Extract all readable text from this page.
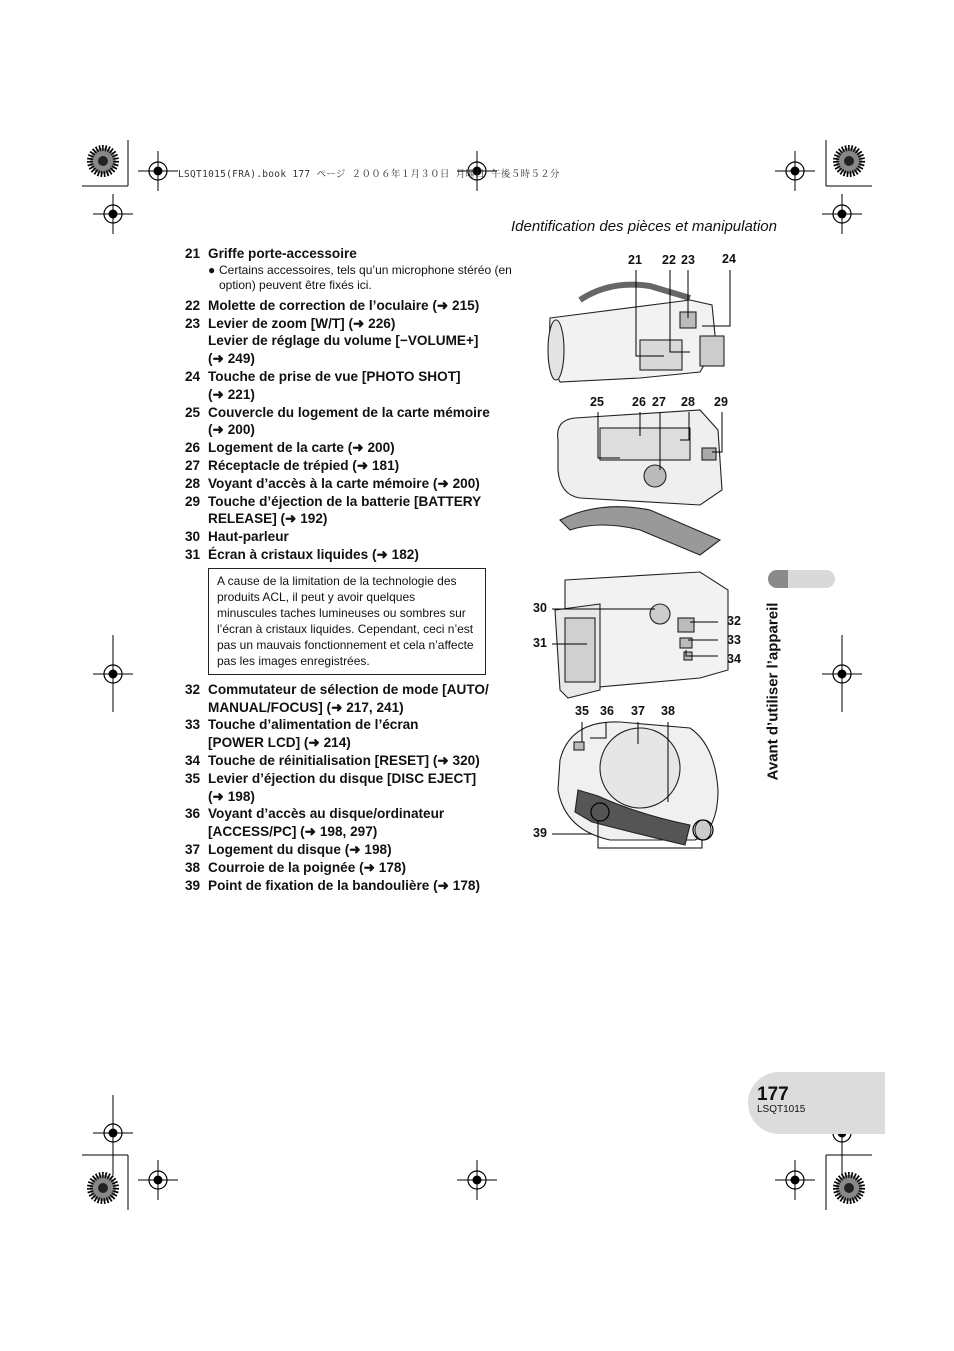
LSQT1015(FRA).book 177 ページ ２００６年１月３０日 月曜日 午後５時５２分
Identification des pièces et manipulation
21 Griffe porte-accessoire
● Certains accessoires, tels qu’un microphone stéréo (en option) peuvent être fixés ici.
22 Molette de correction de l’oculaire (➜ 215)
23 Levier de zoom [W/T] (➜ 226)
Levier de réglage du volume [−VOLUME+]
(➜ 249)
24 Touche de prise de vue [PHOTO SHOT]
(➜ 221)
25 Couvercle du logement de la carte mémoire
(➜ 200)
26 Logement de la carte (➜ 200)
27 Réceptacle de trépied (➜ 181)
28 Voyant d’accès à la carte mémoire (➜ 200)
29 Touche d’éjection de la batterie [BATTERY
RELEASE] (➜ 192)
30 Haut-parleur
31 Écran à cristaux liquides (➜ 182)
A cause de la limitation de la technologie des produits ACL, il peut y avoir quelques minuscules taches lumineuses ou sombres sur l’écran à cristaux liquides. Cependant, ceci n’est pas un mauvais fonctionnement et cela n’affecte pas les images enregistrées.
32 Commutateur de sélection de mode [AUTO/
MANUAL/FOCUS] (➜ 217, 241)
33 Touche d’alimentation de l’écran
[POWER LCD] (➜ 214)
34 Touche de réinitialisation [RESET] (➜ 320)
35 Levier d’éjection du disque [DISC EJECT]
(➜ 198)
36 Voyant d’accès au disque/ordinateur
[ACCESS/PC] (➜ 198, 297)
37 Logement du disque (➜ 198)
38 Courroie de la poignée (➜ 178)
39 Point de fixation de la bandoulière (➜ 178)
21 22 23 24
25 26 27 28 29
30
31
32
33
34
35 36 37 38
39
Avant d’utiliser l’appareil
177
LSQT1015
